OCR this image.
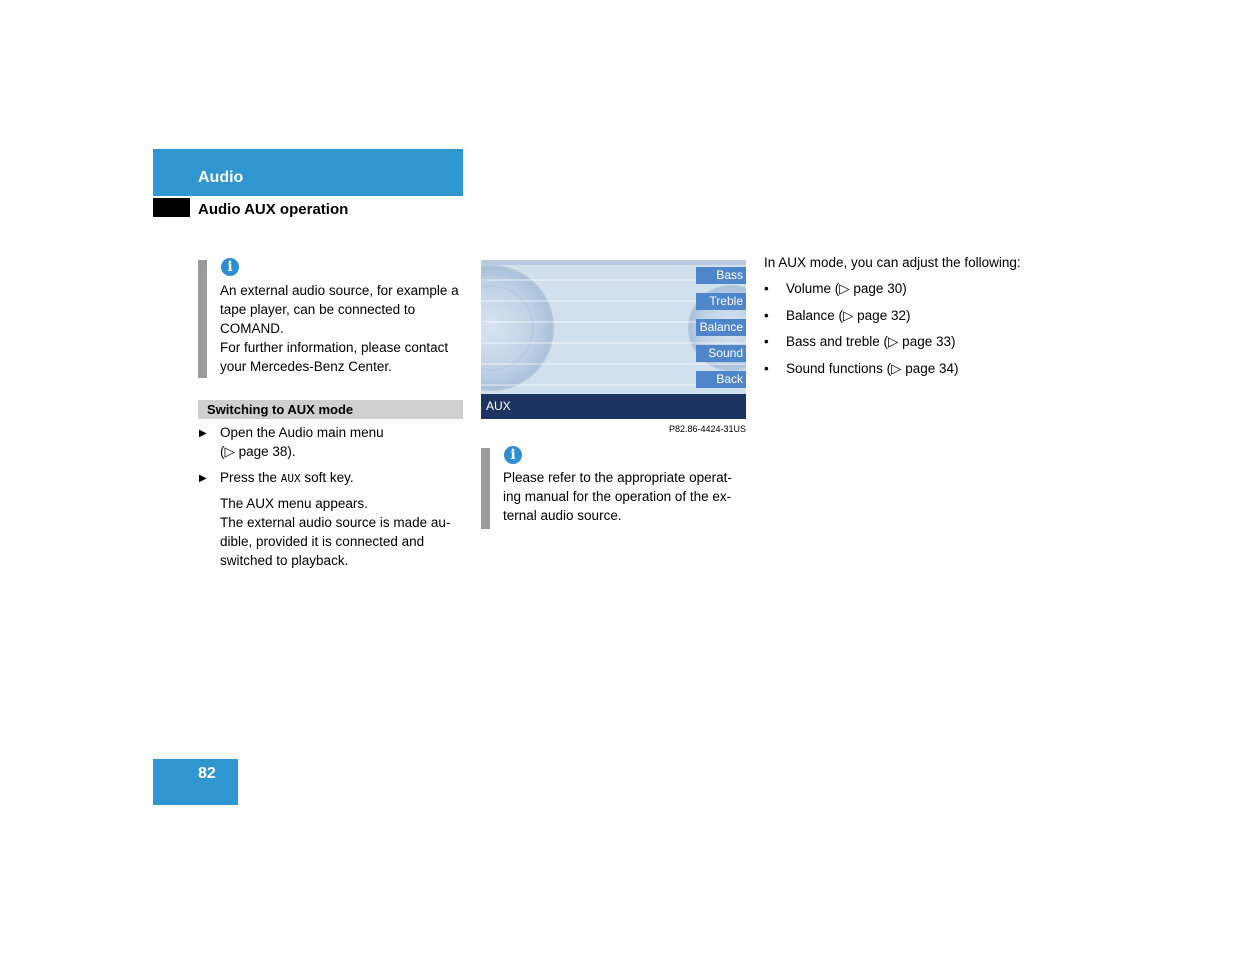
Audio
Audio AUX operation
i
An external audio source, for example a
tape player, can be connected to
COMAND.
For further information, please contact
your Mercedes-Benz Center.
Switching to AUX mode
▶ Open the Audio main menu
(▷ page 38).
▶ Press the AUX soft key.
The AUX menu appears.
The external audio source is made au-
dible, provided it is connected and
switched to playback.
Bass
Treble
Balance
Sound
Back
AUX
P82.86-4424-31US
i
Please refer to the appropriate operat-
ing manual for the operation of the ex-
ternal audio source.
In AUX mode, you can adjust the following:
• Volume (▷ page 30)
• Balance (▷ page 32)
• Bass and treble (▷ page 33)
• Sound functions (▷ page 34)
82
